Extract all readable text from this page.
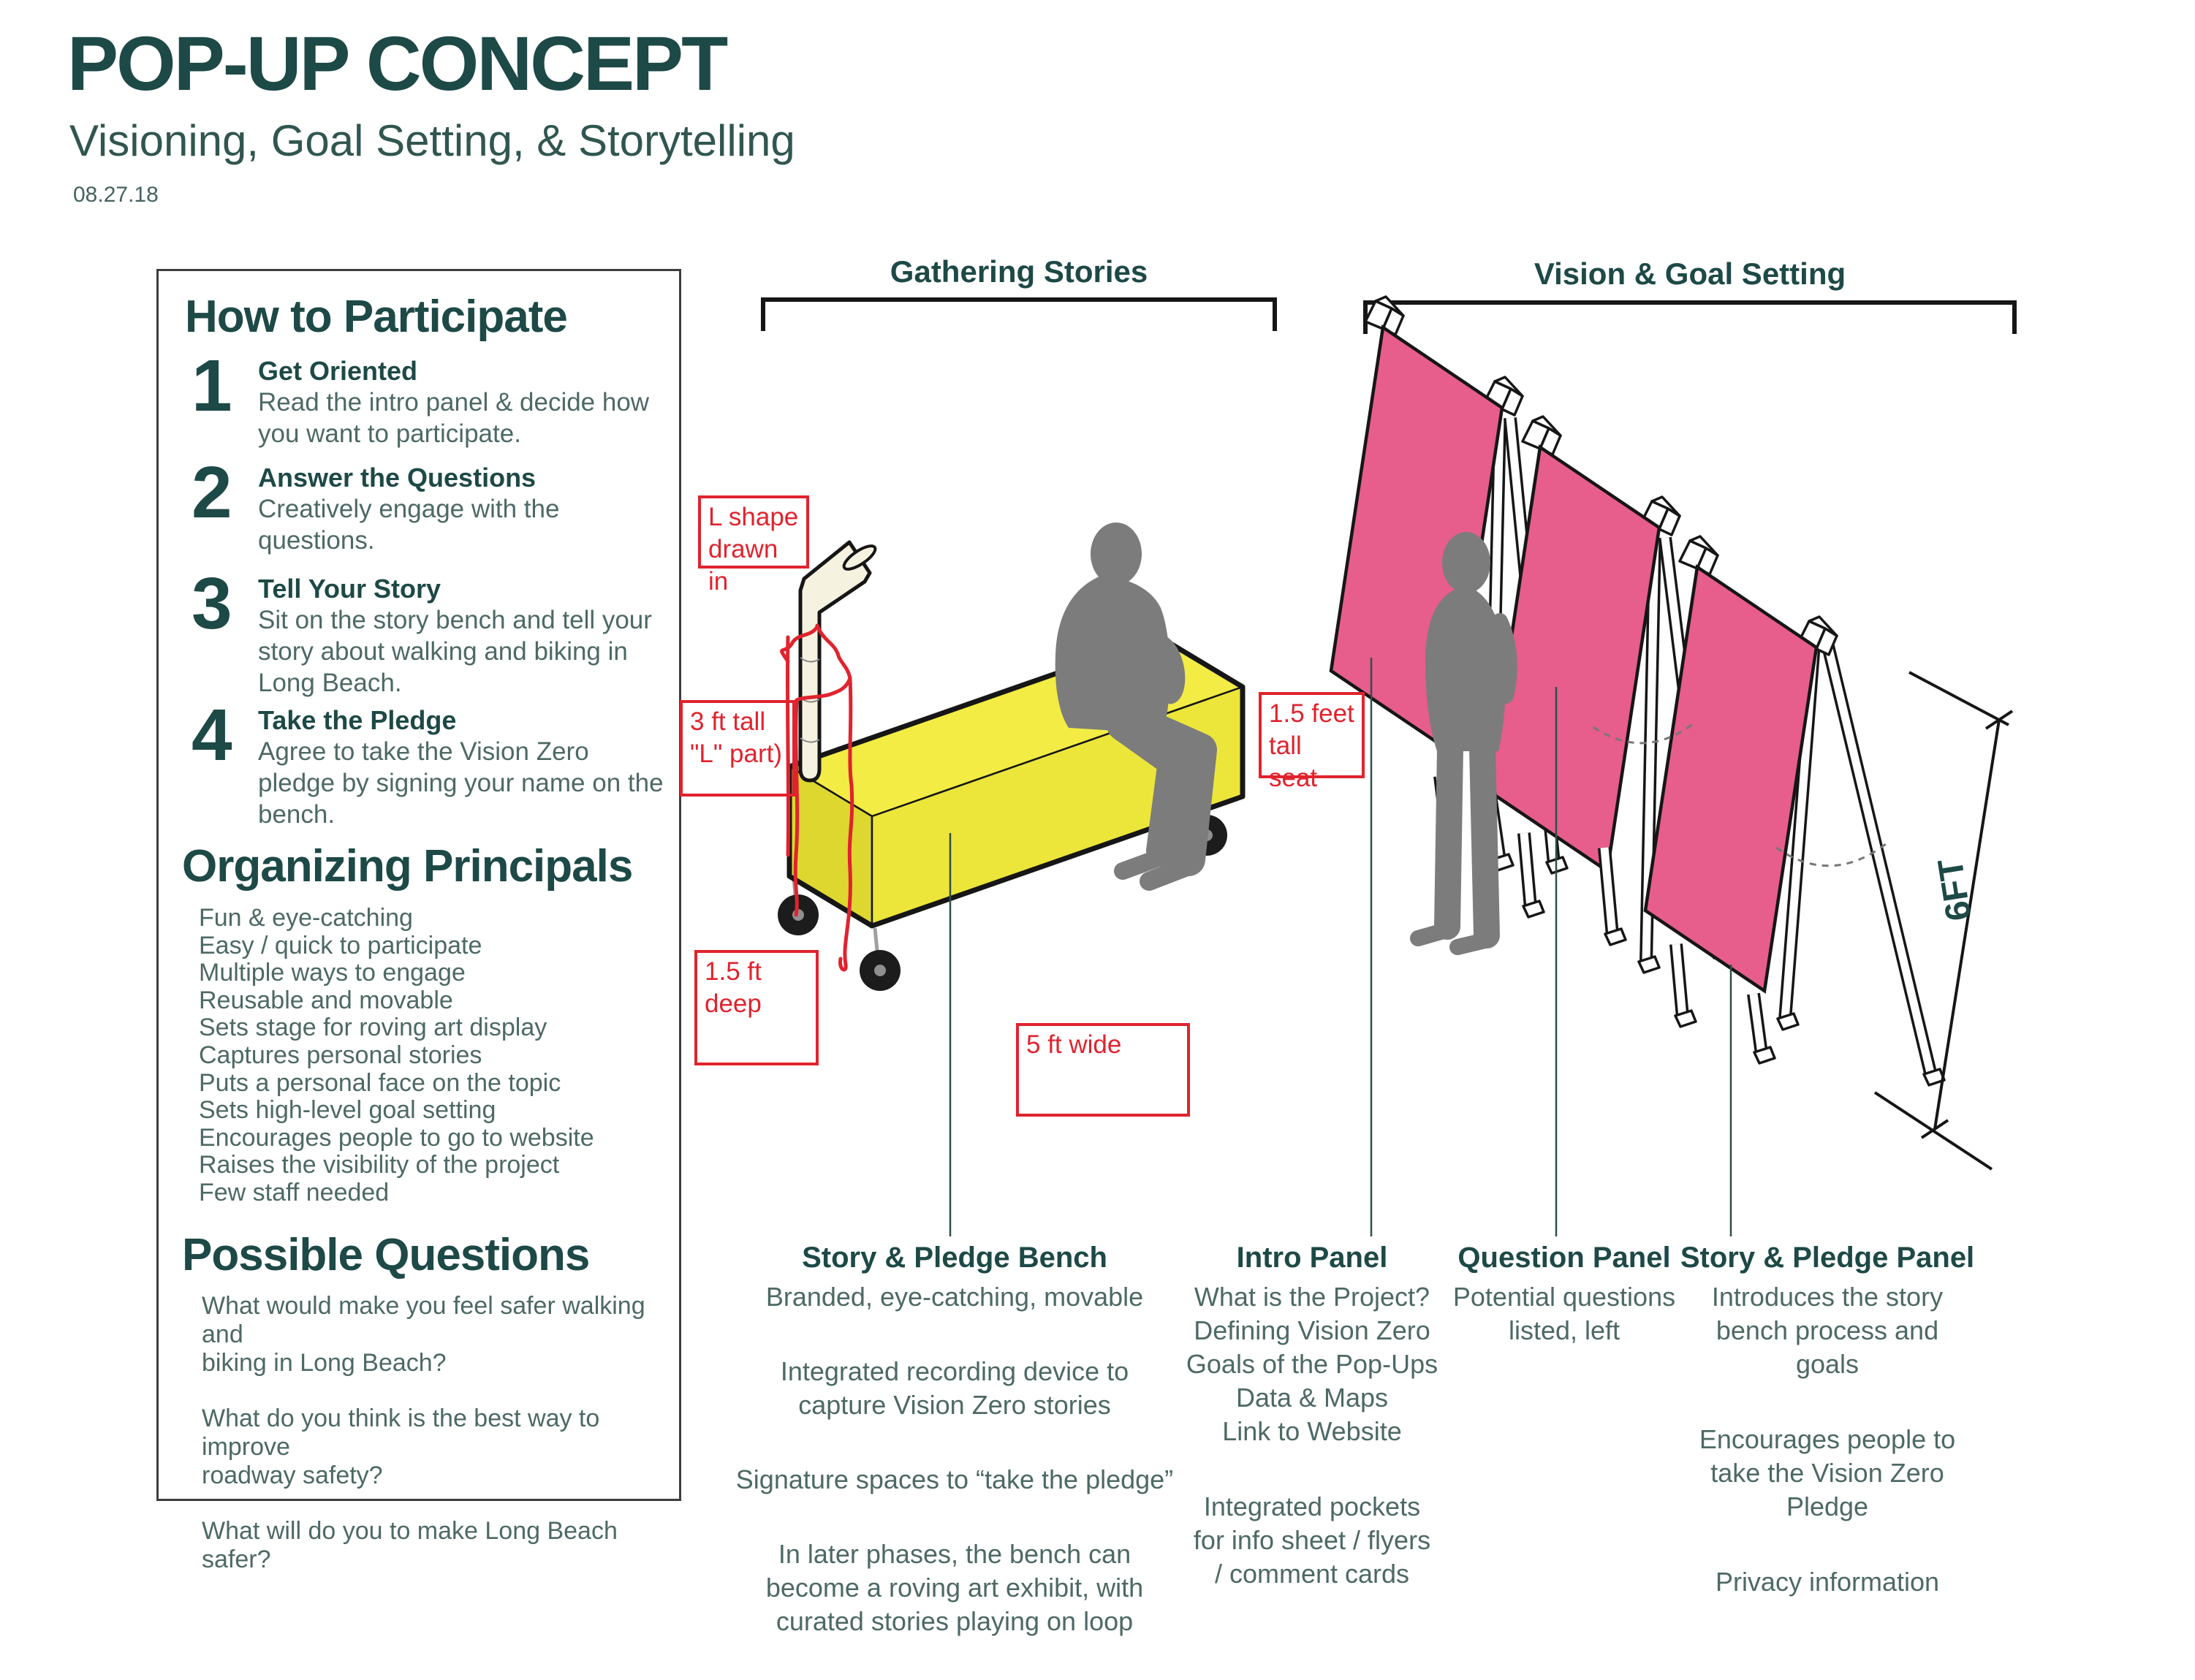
POP-UP CONCEPT
Visioning, Goal Setting, & Storytelling
08.27.18
How to Participate
1 Get Oriented
Read the intro panel & decide how
you want to participate.
2 Answer the Questions
Creatively engage with the
questions.
3 Tell Your Story
Sit on the story bench and tell your
story about walking and biking in
Long Beach.
4 Take the Pledge
Agree to take the Vision Zero
pledge by signing your name on the
bench.
Organizing Principals
Fun & eye-catching
Easy / quick to participate
Multiple ways to engage
Reusable and movable
Sets stage for roving art display
Captures personal stories
Puts a personal face on the topic
Sets high-level goal setting
Encourages people to go to website
Raises the visibility of the project
Few staff needed
Possible Questions
What would make you feel safer walking and
biking in Long Beach?
What do you think is the best way to improve
roadway safety?
What will do you to make Long Beach safer?
Gathering Stories	Vision & Goal Setting
6FT
L shape
drawn in
3 ft tall
"L" part)
1.5 ft deep
5 ft wide
1.5 feet
tall seat
Story & Pledge Bench
Branded, eye-catching, movable
Integrated recording device to
capture Vision Zero stories
Signature spaces to “take the pledge”
In later phases, the bench can
become a roving art exhibit, with
curated stories playing on loop
Intro Panel
What is the Project?
Defining Vision Zero
Goals of the Pop-Ups
Data & Maps
Link to Website
Integrated pockets
for info sheet / flyers
/ comment cards
Question Panel
Potential questions
listed, left
Story & Pledge Panel
Introduces the story
bench process and
goals
Encourages people to
take the Vision Zero
Pledge
Privacy information
